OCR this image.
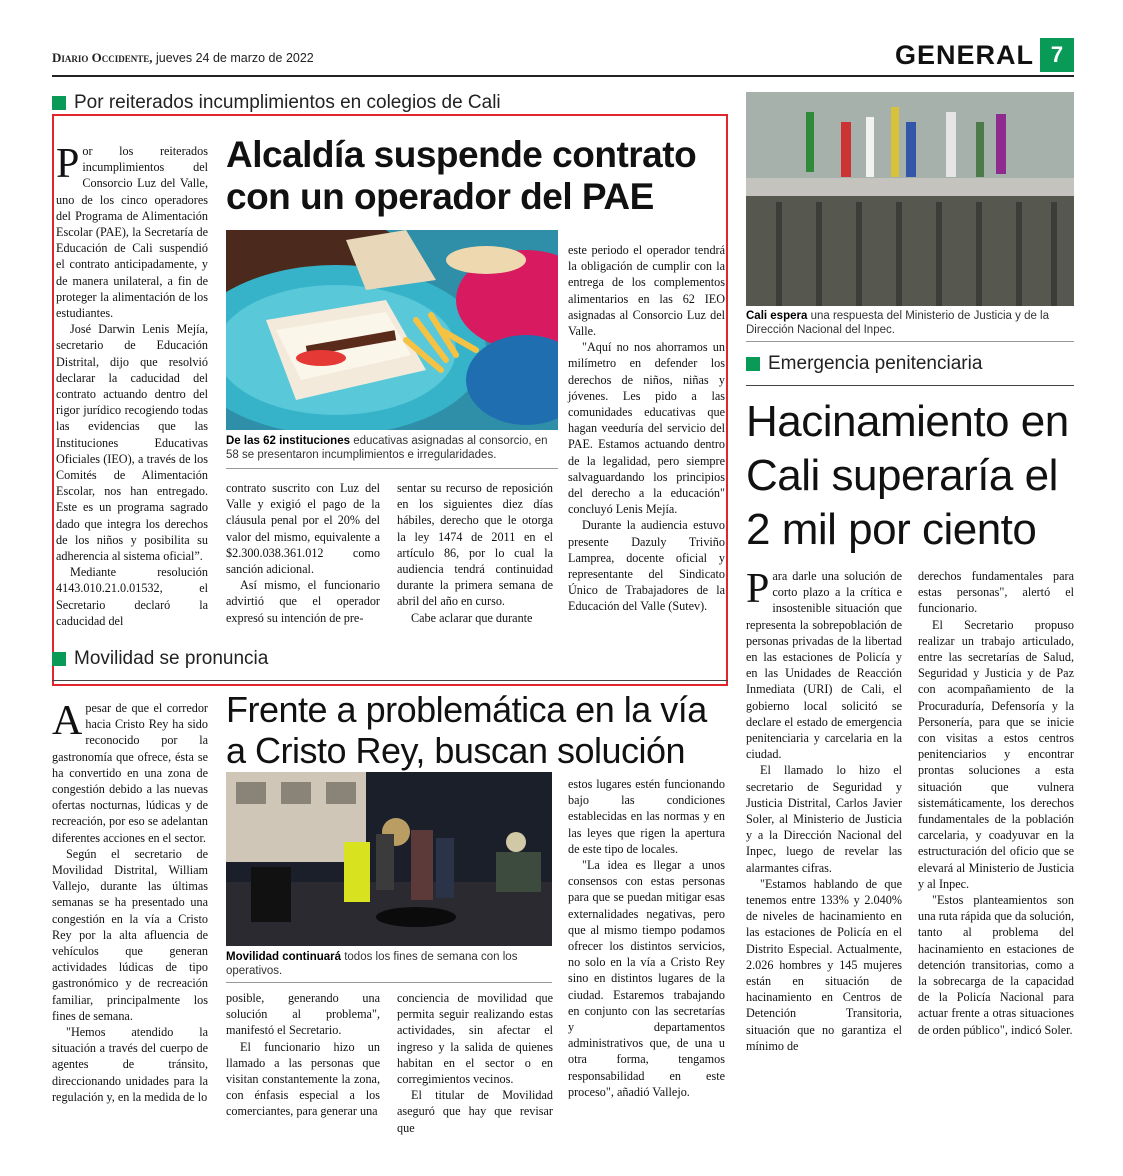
Diario Occidente, jueves 24 de marzo de 2022	GENERAL 7
Por reiterados incumplimientos en colegios de Cali

Por los reiterados incumplimientos del Consorcio Luz del Valle, uno de los cinco operadores del Programa de Alimentación Escolar (PAE), la Secretaría de Educación de Cali suspendió el contrato anticipadamente, y de manera unilateral, a fin de proteger la alimentación de los estudiantes.

José Darwin Lenis Mejía, secretario de Educación Distrital, dijo que resolvió declarar la caducidad del contrato actuando dentro del rigor jurídico recogiendo todas las evidencias que las Instituciones Educativas Oficiales (IEO), a través de los Comités de Alimentación Escolar, nos han entregado. Este es un programa sagrado dado que integra los derechos de los niños y posibilita su adherencia al sistema oficial”.

Mediante resolución 4143.010.21.0.01532, el Secretario declaró la caducidad del

Alcaldía suspende contrato con un operador del PAE
De las 62 instituciones educativas asignadas al consorcio, en 58 se presentaron incumplimientos e irregularidades.

contrato suscrito con Luz del Valle y exigió el pago de la cláusula penal por el 20% del valor del mismo, equivalente a $2.300.038.361.012 como sanción adicional.

Así mismo, el funcionario advirtió que el operador expresó su intención de pre-

sentar su recurso de reposición en los siguientes diez días hábiles, derecho que le otorga la ley 1474 de 2011 en el artículo 86, por lo cual la audiencia tendrá continuidad durante la primera semana de abril del año en curso.

Cabe aclarar que durante

este periodo el operador tendrá la obligación de cumplir con la entrega de los complementos alimentarios en las 62 IEO asignadas al Consorcio Luz del Valle.

"Aquí no nos ahorramos un milímetro en defender los derechos de niños, niñas y jóvenes. Les pido a las comunidades educativas que hagan veeduría del servicio del PAE. Estamos actuando dentro de la legalidad, pero siempre salvaguardando los principios del derecho a la educación" concluyó Lenis Mejía.

Durante la audiencia estuvo presente Dazuly Triviño Lamprea, docente oficial y representante del Sindicato Único de Trabajadores de la Educación del Valle (Sutev).

Movilidad se pronuncia

Apesar de que el corredor hacia Cristo Rey ha sido reconocido por la gastronomía que ofrece, ésta se ha convertido en una zona de congestión debido a las nuevas ofertas nocturnas, lúdicas y de recreación, por eso se adelantan diferentes acciones en el sector.

Según el secretario de Movilidad Distrital, William Vallejo, durante las últimas semanas se ha presentado una congestión en la vía a Cristo Rey por la alta afluencia de vehículos que generan actividades lúdicas de tipo gastronómico y de recreación familiar, principalmente los fines de semana.

"Hemos atendido la situación a través del cuerpo de agentes de tránsito, direccionando unidades para la regulación y, en la medida de lo

Frente a problemática en la vía a Cristo Rey, buscan solución
Movilidad continuará todos los fines de semana con los operativos.

posible, generando una solución al problema", manifestó el Secretario.

El funcionario hizo un llamado a las personas que visitan constantemente la zona, con énfasis especial a los comerciantes, para generar una

conciencia de movilidad que permita seguir realizando estas actividades, sin afectar el ingreso y la salida de quienes habitan en el sector o en corregimientos vecinos.

El titular de Movilidad aseguró que hay que revisar que

estos lugares estén funcionando bajo las condiciones establecidas en las normas y en las leyes que rigen la apertura de este tipo de locales.

"La idea es llegar a unos consensos con estas personas para que se puedan mitigar esas externalidades negativas, pero que al mismo tiempo podamos ofrecer los distintos servicios, no solo en la vía a Cristo Rey sino en distintos lugares de la ciudad. Estaremos trabajando en conjunto con las secretarías y departamentos administrativos que, de una u otra forma, tengamos responsabilidad en este proceso", añadió Vallejo.

Cali espera una respuesta del Ministerio de Justicia y de la Dirección Nacional del Inpec.
Emergencia penitenciaria
Hacinamiento en Cali superaría el 2 mil por ciento

Para darle una solución de corto plazo a la crítica e insostenible situación que representa la sobrepoblación de personas privadas de la libertad en las estaciones de Policía y en las Unidades de Reacción Inmediata (URI) de Cali, el gobierno local solicitó se declare el estado de emergencia penitenciaria y carcelaria en la ciudad.

El llamado lo hizo el secretario de Seguridad y Justicia Distrital, Carlos Javier Soler, al Ministerio de Justicia y a la Dirección Nacional del Inpec, luego de revelar las alarmantes cifras.

"Estamos hablando de que tenemos entre 133% y 2.040% de niveles de hacinamiento en las estaciones de Policía en el Distrito Especial. Actualmente, 2.026 hombres y 145 mujeres están en situación de hacinamiento en Centros de Detención Transitoria, situación que no garantiza el mínimo de

derechos fundamentales para estas personas", alertó el funcionario.

El Secretario propuso realizar un trabajo articulado, entre las secretarías de Salud, Seguridad y Justicia y de Paz con acompañamiento de la Procuraduría, Defensoría y la Personería, para que se inicie con visitas a estos centros penitenciarios y encontrar prontas soluciones a esta situación que vulnera sistemáticamente, los derechos fundamentales de la población carcelaria, y coadyuvar en la estructuración del oficio que se elevará al Ministerio de Justicia y al Inpec.

"Estos planteamientos son una ruta rápida que da solución, tanto al problema del hacinamiento en estaciones de detención transitorias, como a la sobrecarga de la capacidad de la Policía Nacional para actuar frente a otras situaciones de orden público", indicó Soler.
